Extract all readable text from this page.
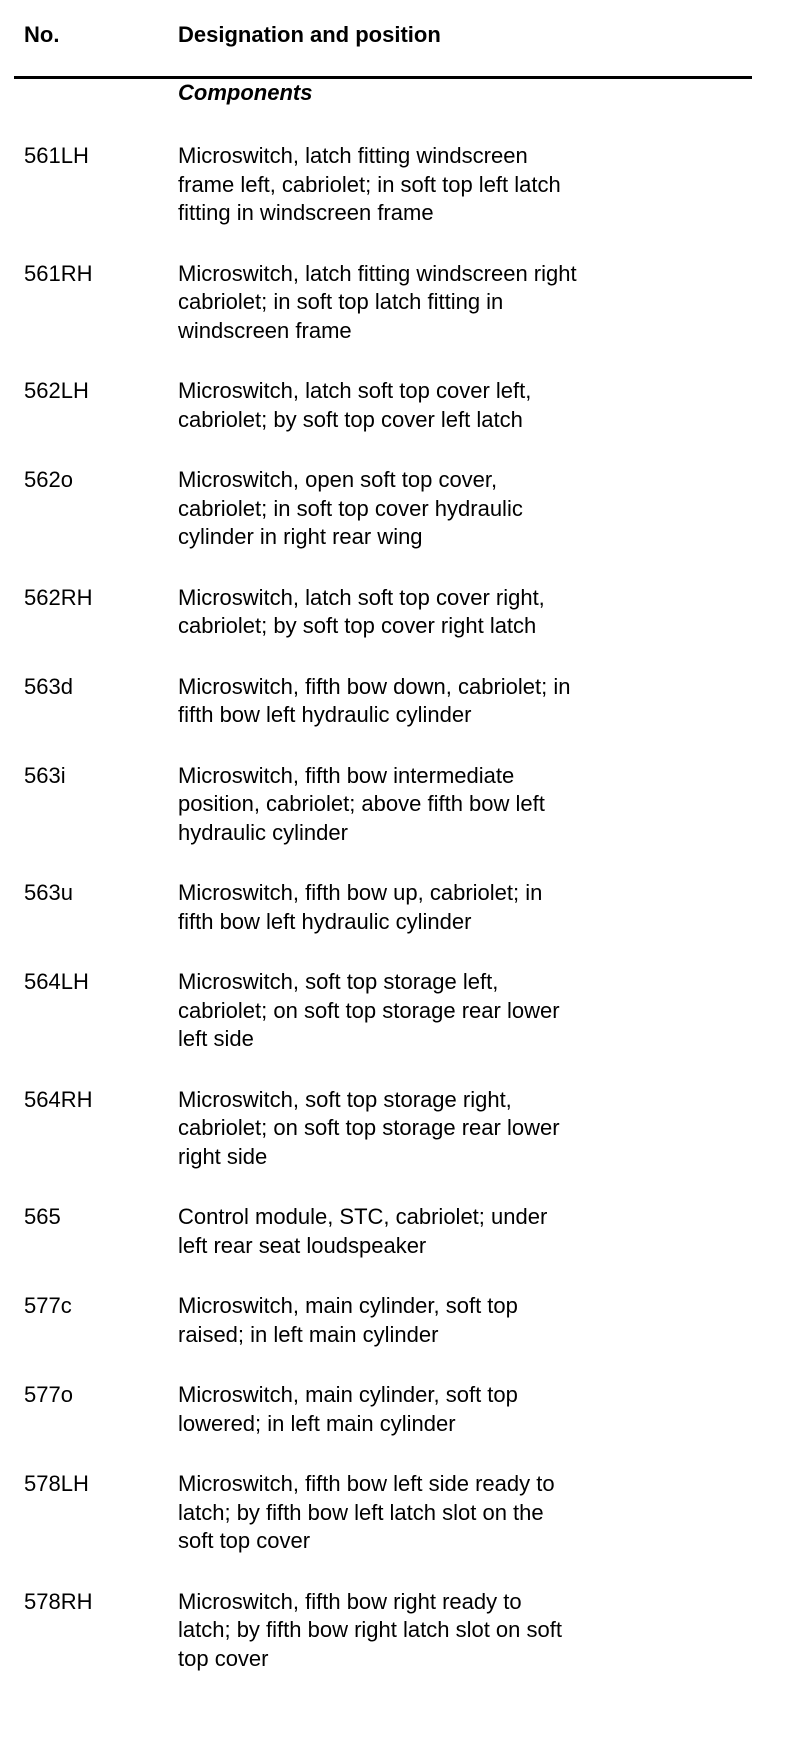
No.	Designation and position
Components
561LH	Microswitch, latch fitting windscreen
frame left, cabriolet; in soft top left latch
fitting in windscreen frame
561RH	Microswitch, latch fitting windscreen right
cabriolet; in soft top latch fitting in
windscreen frame
562LH	Microswitch, latch soft top cover left,
cabriolet; by soft top cover left latch
562o	Microswitch, open soft top cover,
cabriolet; in soft top cover hydraulic
cylinder in right rear wing
562RH	Microswitch, latch soft top cover right,
cabriolet; by soft top cover right latch
563d	Microswitch, fifth bow down, cabriolet; in
fifth bow left hydraulic cylinder
563i	Microswitch, fifth bow intermediate
position, cabriolet; above fifth bow left
hydraulic cylinder
563u	Microswitch, fifth bow up, cabriolet; in
fifth bow left hydraulic cylinder
564LH	Microswitch, soft top storage left,
cabriolet; on soft top storage rear lower
left side
564RH	Microswitch, soft top storage right,
cabriolet; on soft top storage rear lower
right side
565	Control module, STC, cabriolet; under
left rear seat loudspeaker
577c	Microswitch, main cylinder, soft top
raised; in left main cylinder
577o	Microswitch, main cylinder, soft top
lowered; in left main cylinder
578LH	Microswitch, fifth bow left side ready to
latch; by fifth bow left latch slot on the
soft top cover
578RH	Microswitch, fifth bow right ready to
latch; by fifth bow right latch slot on soft
top cover
